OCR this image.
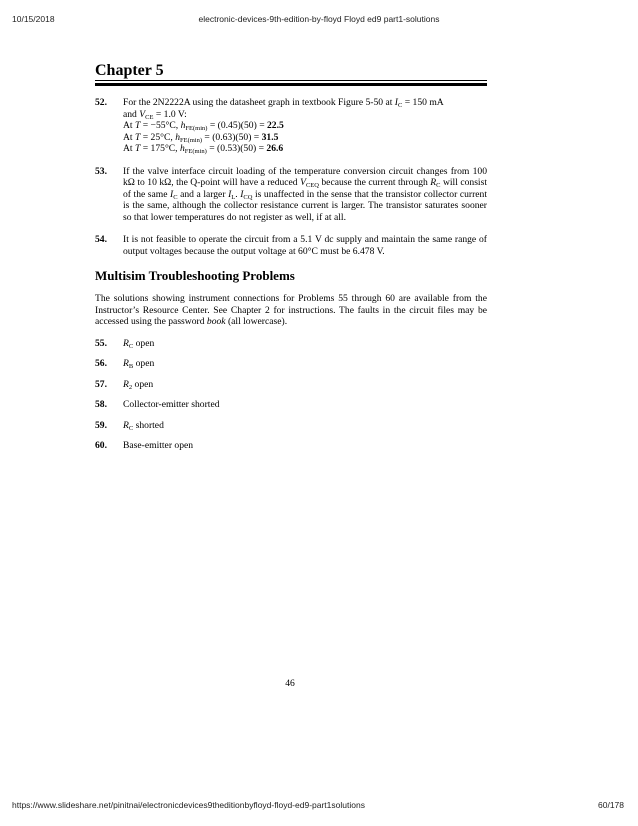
10/15/2018	electronic-devices-9th-edition-by-floyd Floyd ed9 part1-solutions
Chapter 5
52. For the 2N2222A using the datasheet graph in textbook Figure 5-50 at $I_C = 150$ mA
and $V_{CE} = 1.0$ V:
At T = −55°C, $h_{FE(min)} = (0.45)(50) = 22.5$
At T = 25°C, $h_{FE(min)} = (0.63)(50) = 31.5$
At T = 175°C, $h_{FE(min)} = (0.53)(50) = 26.6$
53. If the valve interface circuit loading of the temperature conversion circuit changes from 100 kΩ to 10 kΩ, the Q-point will have a reduced $V_{CEQ}$ because the current through $R_C$ will consist of the same $I_C$ and a larger $I_L$. $I_{CQ}$ is unaffected in the sense that the transistor collector current is the same, although the collector resistance current is larger. The transistor saturates sooner so that lower temperatures do not register as well, if at all.

54. It is not feasible to operate the circuit from a 5.1 V dc supply and maintain the same range of output voltages because the output voltage at 60°C must be 6.478 V.

Multisim Troubleshooting Problems

The solutions showing instrument connections for Problems 55 through 60 are available from the Instructor’s Resource Center. See Chapter 2 for instructions. The faults in the circuit files may be accessed using the password book (all lowercase).

55. $R_C$ open
56. $R_B$ open
57. $R_2$ open
58. Collector-emitter shorted
59. $R_C$ shorted
60. Base-emitter open
46
https://www.slideshare.net/pinitnai/electronicdevices9theditionbyfloyd-floyd-ed9-part1solutions	60/178
